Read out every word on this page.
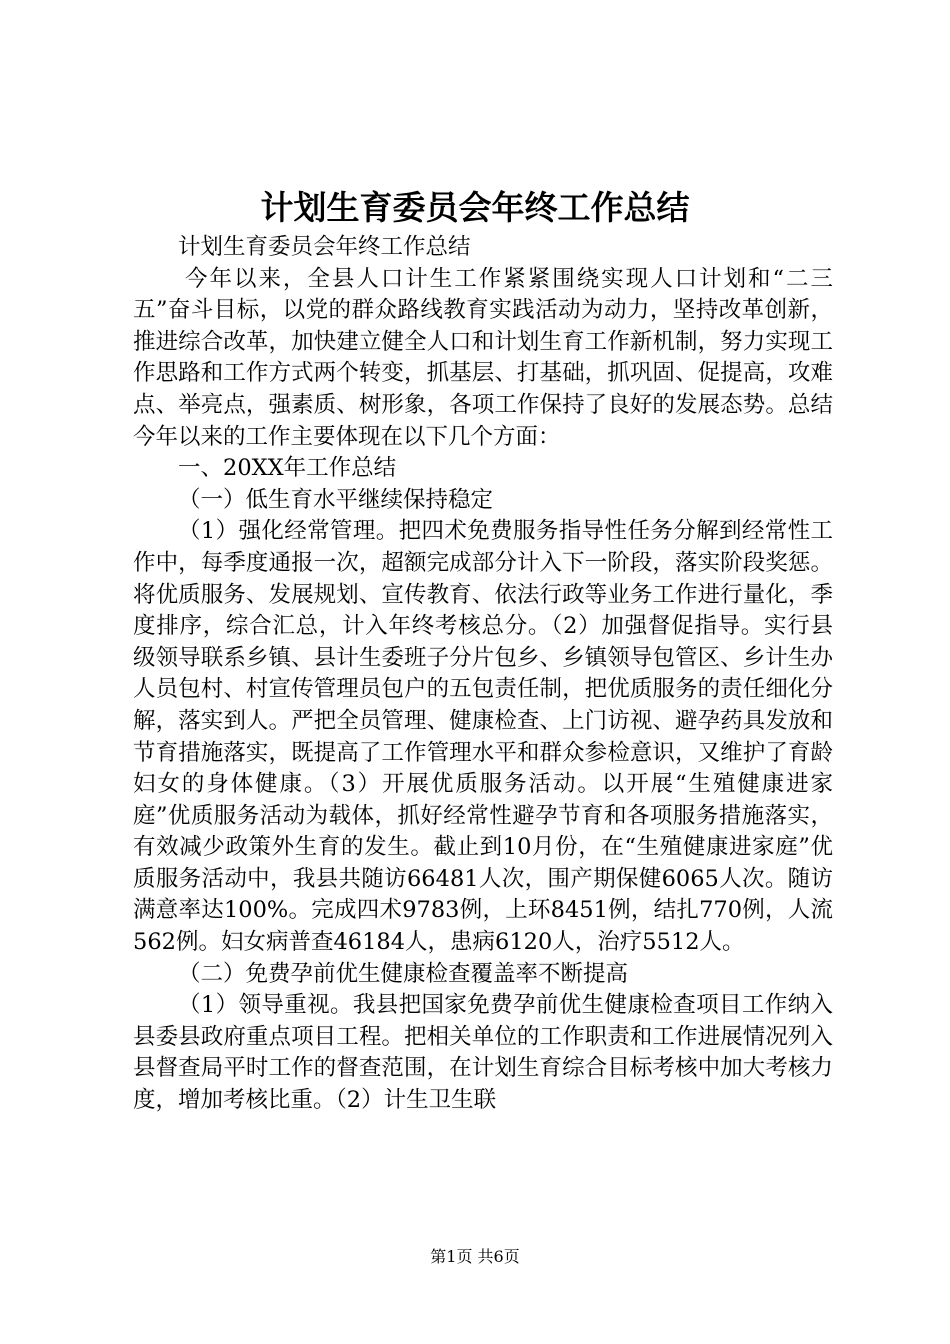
计划生育委员会年终工作总结

计划生育委员会年终工作总结

今年以来，全县人口计生工作紧紧围绕实现人口计划和“二三五”奋斗目标，以党的群众路线教育实践活动为动力，坚持改革创新，推进综合改革，加快建立健全人口和计划生育工作新机制，努力实现工作思路和工作方式两个转变，抓基层、打基础，抓巩固、促提高，攻难点、举亮点，强素质、树形象，各项工作保持了良好的发展态势。总结今年以来的工作主要体现在以下几个方面：

一、20XX年工作总结

（一）低生育水平继续保持稳定

（1）强化经常管理。把四术免费服务指导性任务分解到经常性工作中，每季度通报一次，超额完成部分计入下一阶段，落实阶段奖惩。将优质服务、发展规划、宣传教育、依法行政等业务工作进行量化，季度排序，综合汇总，计入年终考核总分。（2）加强督促指导。实行县级领导联系乡镇、县计生委班子分片包乡、乡镇领导包管区、乡计生办人员包村、村宣传管理员包户的五包责任制，把优质服务的责任细化分解，落实到人。严把全员管理、健康检查、上门访视、避孕药具发放和节育措施落实，既提高了工作管理水平和群众参检意识，又维护了育龄妇女的身体健康。（3）开展优质服务活动。以开展“生殖健康进家庭”优质服务活动为载体，抓好经常性避孕节育和各项服务措施落实，有效减少政策外生育的发生。截止到10月份，在“生殖健康进家庭”优质服务活动中，我县共随访66481人次，围产期保健6065人次。随访满意率达100%。完成四术9783例，上环8451例，结扎770例，人流562例。妇女病普查46184人，患病6120人，治疗5512人。

（二）免费孕前优生健康检查覆盖率不断提高

（1）领导重视。我县把国家免费孕前优生健康检查项目工作纳入县委县政府重点项目工程。把相关单位的工作职责和工作进展情况列入县督查局平时工作的督查范围，在计划生育综合目标考核中加大考核力度，增加考核比重。（2）计生卫生联

第1页 共6页
